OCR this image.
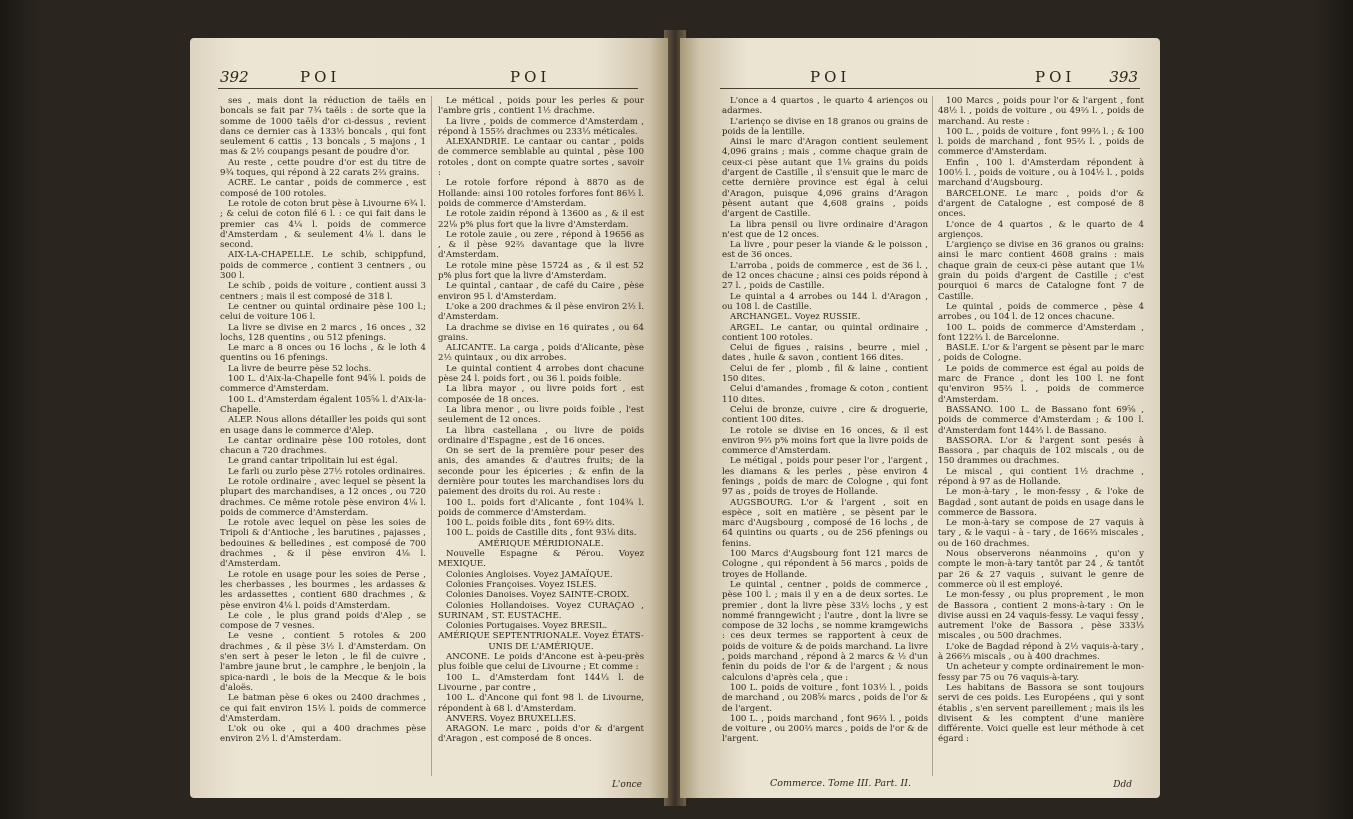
392	POI	POI

ses , mais dont la réduction de taëls en boncals se fait par 7¾ taëls : de sorte que la somme de 1000 taëls d'or ci-dessus , revient dans ce dernier cas à 133½ boncals , qui font seulement 6 cattis , 13 boncals , 5 majons , 1 mas & 2½ coupangs pesant de poudre d'or.

Au reste , cette poudre d'or est du titre de 9¾ toques, qui répond à 22 carats 2⅔ grains.

ACRE. Le cantar , poids de commerce , est composé de 100 rotoles.

Le rotole de coton brut pèse à Livourne 6¾ l. ; & celui de coton filé 6 l. : ce qui fait dans le premier cas 4¼ l. poids de commerce d'Amsterdam , & seulement 4⅛ l. dans le second.

AIX-LA-CHAPELLE. Le schib, schippfund, poids de commerce , contient 3 centners , ou 300 l.

Le schib , poids de voiture , contient aussi 3 centners ; mais il est composé de 318 l.

Le centner ou quintal ordinaire pèse 100 l.; celui de voiture 106 l.

La livre se divise en 2 marcs , 16 onces , 32 lochs, 128 quentins , ou 512 pfenings.

Le marc a 8 onces ou 16 lochs , & le loth 4 quentins ou 16 pfenings.

La livre de beurre pèse 52 lochs.

100 L. d'Aix-la-Chapelle font 94⅝ l. poids de commerce d'Amsterdam.

100 L. d'Amsterdam égalent 105⅝ l. d'Aix-la-Chapelle.

ALEP. Nous allons détailler les poids qui sont en usage dans le commerce d'Alep.

Le cantar ordinaire pèse 100 rotoles, dont chacun a 720 drachmes.

Le grand cantar tripolitain lui est égal.

Le farli ou zurlo pèse 27½ rotoles ordinaires.

Le rotole ordinaire , avec lequel se pèsent la plupart des marchandises, a 12 onces , ou 720 drachmes. Ce même rotole pèse environ 4⅛ l. poids de commerce d'Amsterdam.

Le rotole avec lequel on pèse les soies de Tripoli & d'Antioche , les barutines , pajasses , bedouines & belledines , est composé de 700 drachmes , & il pèse environ 4⅛ l. d'Amsterdam.

Le rotole en usage pour les soies de Perse , les cherbasses , les bourmes , les ardasses & les ardassettes , contient 680 drachmes , & pèse environ 4⅛ l. poids d'Amsterdam.

Le cole , le plus grand poids d'Alep , se compose de 7 vesnes.

Le vesne , contient 5 rotoles & 200 drachmes , & il pèse 3½ l. d'Amsterdam. On s'en sert à peser le leton , le fil de cuivre , l'ambre jaune brut , le camphre , le benjoin , la spica-nardi , le bois de la Mecque & le bois d'aloës.

Le batman pèse 6 okes ou 2400 drachmes , ce qui fait environ 15½ l. poids de commerce d'Amsterdam.

L'ok ou oke , qui a 400 drachmes pèse environ 2½ l. d'Amsterdam.

Le métical , poids pour les perles & pour l'ambre gris , contient 1½ drachme.

La livre , poids de commerce d'Amsterdam , répond à 155⅔ drachmes ou 233⅓ méticales.

ALEXANDRIE. Le cantaar ou cantar , poids de commerce semblable au quintal , pèse 100 rotoles , dont on compte quatre sortes , savoir :

Le rotole forfore répond à 8870 as de Hollande: ainsi 100 rotoles forfores font 86½ l. poids de commerce d'Amsterdam.

Le rotole zaidin répond à 13600 as , & il est 22⅛ p% plus fort que la livre d'Amsterdam.

Le rotole zauie , ou zere , répond à 19656 as , & il pèse 92⅔ davantage que la livre d'Amsterdam.

Le rotole mine pèse 15724 as , & il est 52 p% plus fort que la livre d'Amsterdam.

Le quintal , cantaar , de café du Caire , pèse environ 95 l. d'Amsterdam.

L'oke a 200 drachmes & il pèse environ 2½ l. d'Amsterdam.

La drachme se divise en 16 quirates , ou 64 grains.

ALICANTE. La carga , poids d'Alicante, pèse 2½ quintaux , ou dix arrobes.

Le quintal contient 4 arrobes dont chacune pèse 24 l. poids fort , ou 36 l. poids foible.

La libra mayor , ou livre poids fort , est composée de 18 onces.

La libra menor , ou livre poids foible , l'est seulement de 12 onces.

La libra castellana , ou livre de poids ordinaire d'Espagne , est de 16 onces.

On se sert de la première pour peser des anis, des amandes & d'autres fruits; de la seconde pour les épiceries ; & enfin de la dernière pour toutes les marchandises lors du paiement des droits du roi. Au reste :

100 L. poids fort d'Alicante , font 104¾ l. poids de commerce d'Amsterdam.

100 L. poids foible dits , font 69⅔ dits.

100 L. poids de Castille dits , font 93⅛ dits.

AMÉRIQUE MÉRIDIONALE.

Nouvelle Espagne & Pérou. Voyez MEXIQUE.

Colonies Angloises. Voyez JAMAÏQUE.

Colonies Françoises. Voyez ISLES.

Colonies Danoises. Voyez SAINTE-CROIX.

Colonies Hollandoises. Voyez CURAÇAO , SURINAM , ST. EUSTACHE.

Colonies Portugaises. Voyez BRESIL.

AMÉRIQUE SEPTENTRIONALE. Voyez ÉTATS-UNIS DE L'AMÉRIQUE.

ANCONE. Le poids d'Ancone est à-peu-près plus foible que celui de Livourne ; Et comme :

100 L. d'Amsterdam font 144⅓ l. de Livourne , par contre ,

100 L. d'Ancone qui font 98 l. de Livourne, répondent à 68 l. d'Amsterdam.

ANVERS. Voyez BRUXELLES.

ARAGON. Le marc , poids d'or & d'argent d'Aragon , est composé de 8 onces.

L'once
POI	POI 393

L'once a 4 quartos , le quarto 4 arienços ou adarmes.

L'arienço se divise en 18 granos ou grains de poids de la lentille.

Ainsi le marc d'Aragon contient seulement 4,096 grains ; mais , comme chaque grain de ceux-ci pèse autant que 1⅛ grains du poids d'argent de Castille , il s'ensuit que le marc de cette dernière province est égal à celui d'Aragon, puisque 4,096 grains d'Aragon pèsent autant que 4,608 grains , poids d'argent de Castille.

La libra pensil ou livre ordinaire d'Aragon n'est que de 12 onces.

La livre , pour peser la viande & le poisson , est de 36 onces.

L'arroba , poids de commerce , est de 36 l. , de 12 onces chacune ; ainsi ces poids répond à 27 l. , poids de Castille.

Le quintal a 4 arrobes ou 144 l. d'Aragon , ou 108 l. de Castille.

ARCHANGEL. Voyez RUSSIE.

ARGEL. Le cantar, ou quintal ordinaire , contient 100 rotoles.

Celui de figues , raisins , beurre , miel , dates , huile & savon , contient 166 dites.

Celui de fer , plomb , fil & laine , contient 150 dites.

Celui d'amandes , fromage & coton , contient 110 dites.

Celui de bronze, cuivre , cire & droguerie, contient 100 dites.

Le rotole se divise en 16 onces, & il est environ 9⅔ p% moins fort que la livre poids de commerce d'Amsterdam.

Le métigal , poids pour peser l'or , l'argent , les diamans & les perles , pèse environ 4 fenings , poids de marc de Cologne , qui font 97 as , poids de troyes de Hollande.

AUGSBOURG. L'or & l'argent , soit en espèce , soit en matière , se pèsent par le marc d'Augsbourg , composé de 16 lochs , de 64 quintins ou quarts , ou de 256 pfenings ou fenins.

100 Marcs d'Augsbourg font 121 marcs de Cologne , qui répondent à 56 marcs , poids de troyes de Hollande.

Le quintal , centner , poids de commerce , pèse 100 l. ; mais il y en a de deux sortes. Le premier , dont la livre pèse 33½ lochs , y est nommé franngewicht ; l'autre , dont la livre se compose de 32 lochs , se nomme kramgewichs : ces deux termes se rapportent à ceux de poids de voiture & de poids marchand. La livre , poids marchand , répond à 2 marcs & ½ d'un fenin du poids de l'or & de l'argent ; & nous calculons d'après cela , que :

100 L. poids de voiture , font 103½ l. , poids de marchand , ou 208⅝ marcs , poids de l'or & de l'argent.

100 L. , poids marchand , font 96⅔ l. , poids de voiture , ou 200⅔ marcs , poids de l'or & de l'argent.

100 Marcs , poids pour l'or & l'argent , font 48½ l. , poids de voiture , ou 49⅔ l. , poids de marchand. Au reste :

100 L. , poids de voiture , font 99⅔ l. ; & 100 l. poids de marchand , font 95⅔ l. , poids de commerce d'Amsterdam.

Enfin , 100 l. d'Amsterdam répondent à 100½ l. , poids de voiture , ou à 104½ l. , poids marchand d'Augsbourg.

BARCELONE. Le marc , poids d'or & d'argent de Catalogne , est composé de 8 onces.

L'once de 4 quartos , & le quarto de 4 argienços.

L'argienço se divise en 36 granos ou grains: ainsi le marc contient 4608 grains : mais chaque grain de ceux-ci pèse autant que 1⅛ grain du poids d'argent de Castille ; c'est pourquoi 6 marcs de Catalogne font 7 de Castille.

Le quintal , poids de commerce , pèse 4 arrobes , ou 104 l. de 12 onces chacune.

100 L. poids de commerce d'Amsterdam , font 122⅔ l. de Barcelonne.

BASLE. L'or & l'argent se pèsent par le marc , poids de Cologne.

Le poids de commerce est égal au poids de marc de France , dont les 100 l. ne font qu'environ 95⅔ l. , poids de commerce d'Amsterdam.

BASSANO. 100 L. de Bassano font 69⅝ , poids de commerce d'Amsterdam ; & 100 l. d'Amsterdam font 144⅔ l. de Bassano.

BASSORA. L'or & l'argent sont pesés à Bassora , par chaquis de 102 miscals , ou de 150 drammes ou drachmes.

Le miscal , qui contient 1½ drachme , répond à 97 as de Hollande.

Le mon-à-tary , le mon-fessy , & l'oke de Bagdad , sont autant de poids en usage dans le commerce de Bassora.

Le mon-à-tary se compose de 27 vaquis à tary , & le vaqui - à - tary , de 166⅔ miscales , ou de 160 drachmes.

Nous observerons néanmoins , qu'on y compte le mon-à-tary tantôt par 24 , & tantôt par 26 & 27 vaquis , suivant le genre de commerce où il est employé.

Le mon-fessy , ou plus proprement , le mon de Bassora , contient 2 mons-à-tary : On le divise aussi en 24 vaquis-fessy. Le vaqui fessy , autrement l'oke de Bassora , pèse 333⅓ miscales , ou 500 drachmes.

L'oke de Bagdad répond à 2½ vaquis-à-tary , à 266⅔ miscals , ou à 400 drachmes.

Un acheteur y compte ordinairement le mon-fessy par 75 ou 76 vaquis-à-tary.

Les habitans de Bassora se sont toujours servi de ces poids. Les Européens , qui y sont établis , s'en servent pareillement ; mais ils les divisent & les comptent d'une manière différente. Voici quelle est leur méthode à cet égard :

Commerce. Tome III. Part. II.	Ddd
